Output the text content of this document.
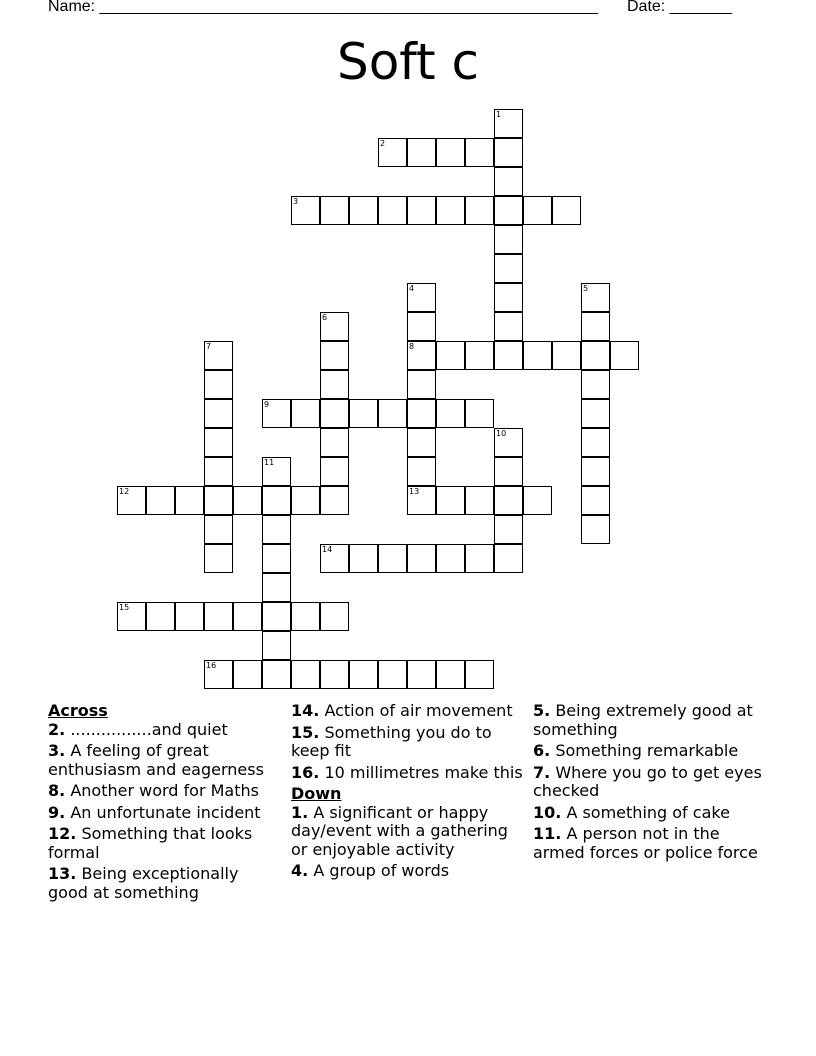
Name: ________________________________________________________ Date: _______
Soft c
1
2
3
4
8
13
5
6
7
9
10
11
12
14
15
16

Across

2. ................and quiet

3. A feeling of great enthusiasm and eagerness

8. Another word for Maths

9. An unfortunate incident

12. Something that looks formal

13. Being exceptionally good at something

14. Action of air movement

15. Something you do to keep fit

16. 10 millimetres make this

Down

1. A significant or happy day/event with a gathering or enjoyable activity

4. A group of words

5. Being extremely good at something

6. Something remarkable

7. Where you go to get eyes checked

10. A something of cake

11. A person not in the armed forces or police force
